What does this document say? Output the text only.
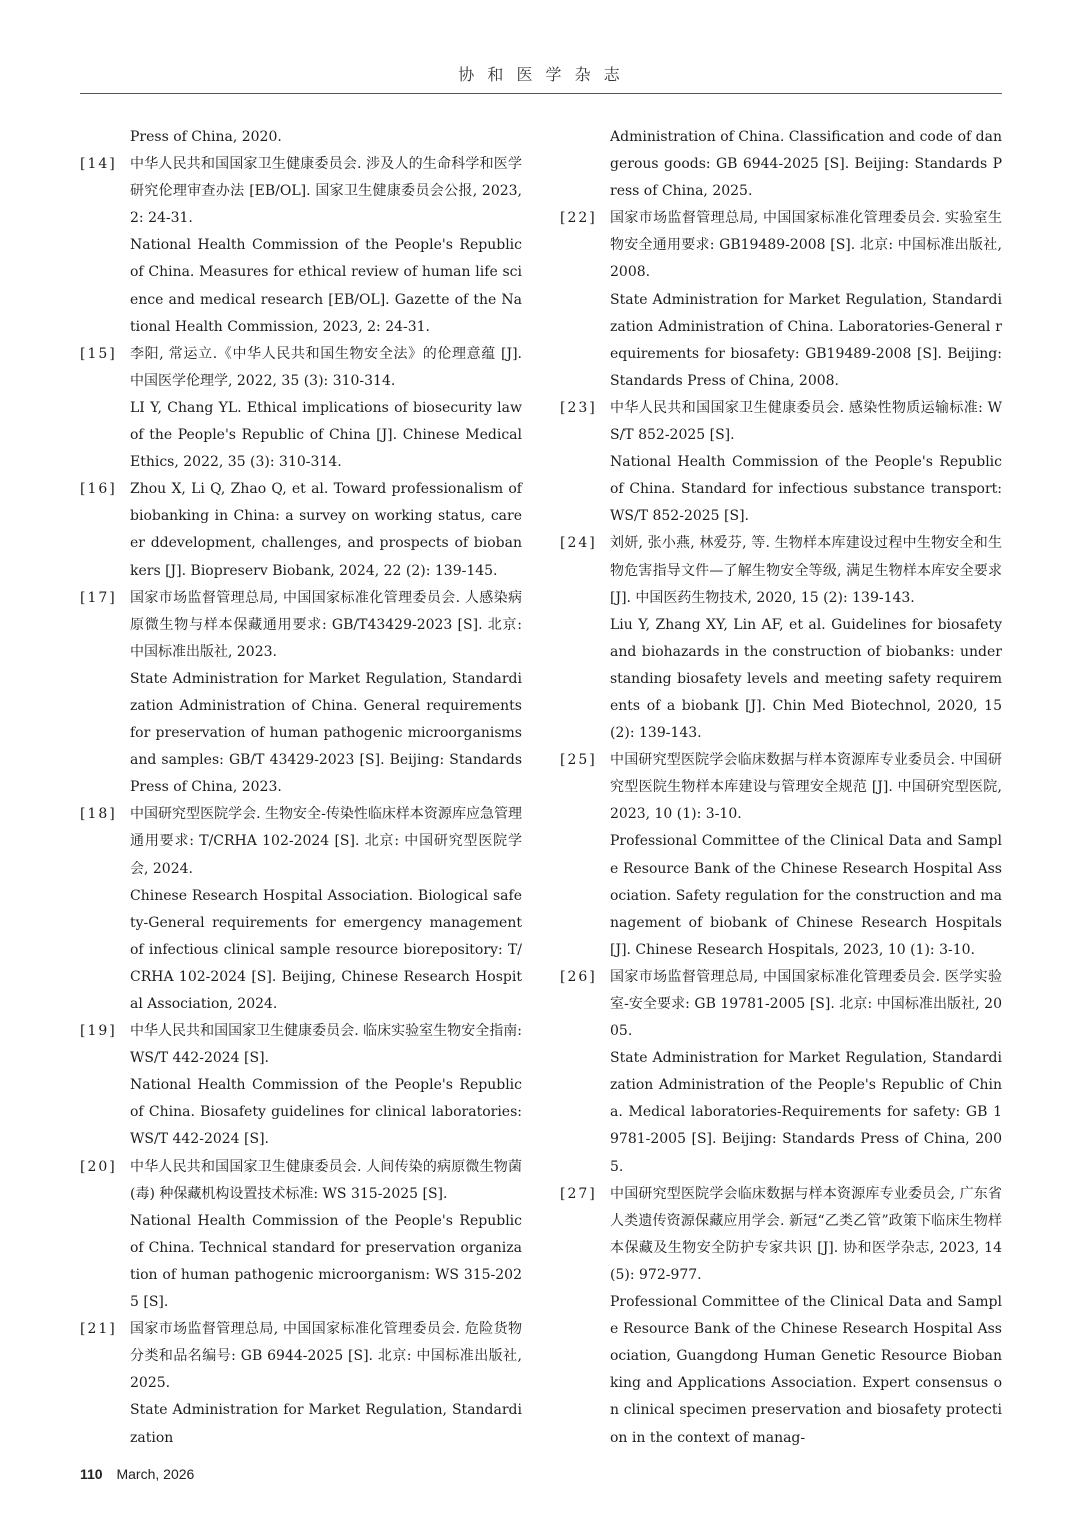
协 和 医 学 杂 志

Press of China, 2020.

[14] 中华人民共和国国家卫生健康委员会. 涉及人的生命科学和医学研究伦理审查办法 [EB/OL]. 国家卫生健康委员会公报, 2023, 2: 24-31.

National Health Commission of the People's Republic of China. Measures for ethical review of human life science and medical research [EB/OL]. Gazette of the National Health Commission, 2023, 2: 24-31.

[15] 李阳, 常运立.《中华人民共和国生物安全法》的伦理意蕴 [J]. 中国医学伦理学, 2022, 35 (3): 310-314.

LI Y, Chang YL. Ethical implications of biosecurity law of the People's Republic of China [J]. Chinese Medical Ethics, 2022, 35 (3): 310-314.

[16] Zhou X, Li Q, Zhao Q, et al. Toward professionalism of biobanking in China: a survey on working status, career ddevelopment, challenges, and prospects of biobankers [J]. Biopreserv Biobank, 2024, 22 (2): 139-145.

[17] 国家市场监督管理总局, 中国国家标准化管理委员会. 人感染病原微生物与样本保藏通用要求: GB/T43429-2023 [S]. 北京: 中国标准出版社, 2023.

State Administration for Market Regulation, Standardization Administration of China. General requirements for preservation of human pathogenic microorganisms and samples: GB/T 43429-2023 [S]. Beijing: Standards Press of China, 2023.

[18] 中国研究型医院学会. 生物安全-传染性临床样本资源库应急管理通用要求: T/CRHA 102-2024 [S]. 北京: 中国研究型医院学会, 2024.

Chinese Research Hospital Association. Biological safety-General requirements for emergency management of infectious clinical sample resource biorepository: T/CRHA 102-2024 [S]. Beijing, Chinese Research Hospital Association, 2024.

[19] 中华人民共和国国家卫生健康委员会. 临床实验室生物安全指南: WS/T 442-2024 [S].

National Health Commission of the People's Republic of China. Biosafety guidelines for clinical laboratories: WS/T 442-2024 [S].

[20] 中华人民共和国国家卫生健康委员会. 人间传染的病原微生物菌 (毒) 种保藏机构设置技术标准: WS 315-2025 [S].

National Health Commission of the People's Republic of China. Technical standard for preservation organization of human pathogenic microorganism: WS 315-2025 [S].

[21] 国家市场监督管理总局, 中国国家标准化管理委员会. 危险货物分类和品名编号: GB 6944-2025 [S]. 北京: 中国标准出版社, 2025.

State Administration for Market Regulation, Standardization

Administration of China. Classification and code of dangerous goods: GB 6944-2025 [S]. Beijing: Standards Press of China, 2025.

[22] 国家市场监督管理总局, 中国国家标准化管理委员会. 实验室生物安全通用要求: GB19489-2008 [S]. 北京: 中国标准出版社, 2008.

State Administration for Market Regulation, Standardization Administration of China. Laboratories-General requirements for biosafety: GB19489-2008 [S]. Beijing: Standards Press of China, 2008.

[23] 中华人民共和国国家卫生健康委员会. 感染性物质运输标准: WS/T 852-2025 [S].

National Health Commission of the People's Republic of China. Standard for infectious substance transport: WS/T 852-2025 [S].

[24] 刘妍, 张小燕, 林爱芬, 等. 生物样本库建设过程中生物安全和生物危害指导文件—了解生物安全等级, 满足生物样本库安全要求 [J]. 中国医药生物技术, 2020, 15 (2): 139-143.

Liu Y, Zhang XY, Lin AF, et al. Guidelines for biosafety and biohazards in the construction of biobanks: understanding biosafety levels and meeting safety requirements of a biobank [J]. Chin Med Biotechnol, 2020, 15 (2): 139-143.

[25] 中国研究型医院学会临床数据与样本资源库专业委员会. 中国研究型医院生物样本库建设与管理安全规范 [J]. 中国研究型医院, 2023, 10 (1): 3-10.

Professional Committee of the Clinical Data and Sample Resource Bank of the Chinese Research Hospital Association. Safety regulation for the construction and management of biobank of Chinese Research Hospitals [J]. Chinese Research Hospitals, 2023, 10 (1): 3-10.

[26] 国家市场监督管理总局, 中国国家标准化管理委员会. 医学实验室-安全要求: GB 19781-2005 [S]. 北京: 中国标准出版社, 2005.

State Administration for Market Regulation, Standardization Administration of the People's Republic of China. Medical laboratories-Requirements for safety: GB 19781-2005 [S]. Beijing: Standards Press of China, 2005.

[27] 中国研究型医院学会临床数据与样本资源库专业委员会, 广东省人类遗传资源保藏应用学会. 新冠“乙类乙管”政策下临床生物样本保藏及生物安全防护专家共识 [J]. 协和医学杂志, 2023, 14 (5): 972-977.

Professional Committee of the Clinical Data and Sample Resource Bank of the Chinese Research Hospital Association, Guangdong Human Genetic Resource Biobanking and Applications Association. Expert consensus on clinical specimen preservation and biosafety protection in the context of manag-

110 March, 2026
